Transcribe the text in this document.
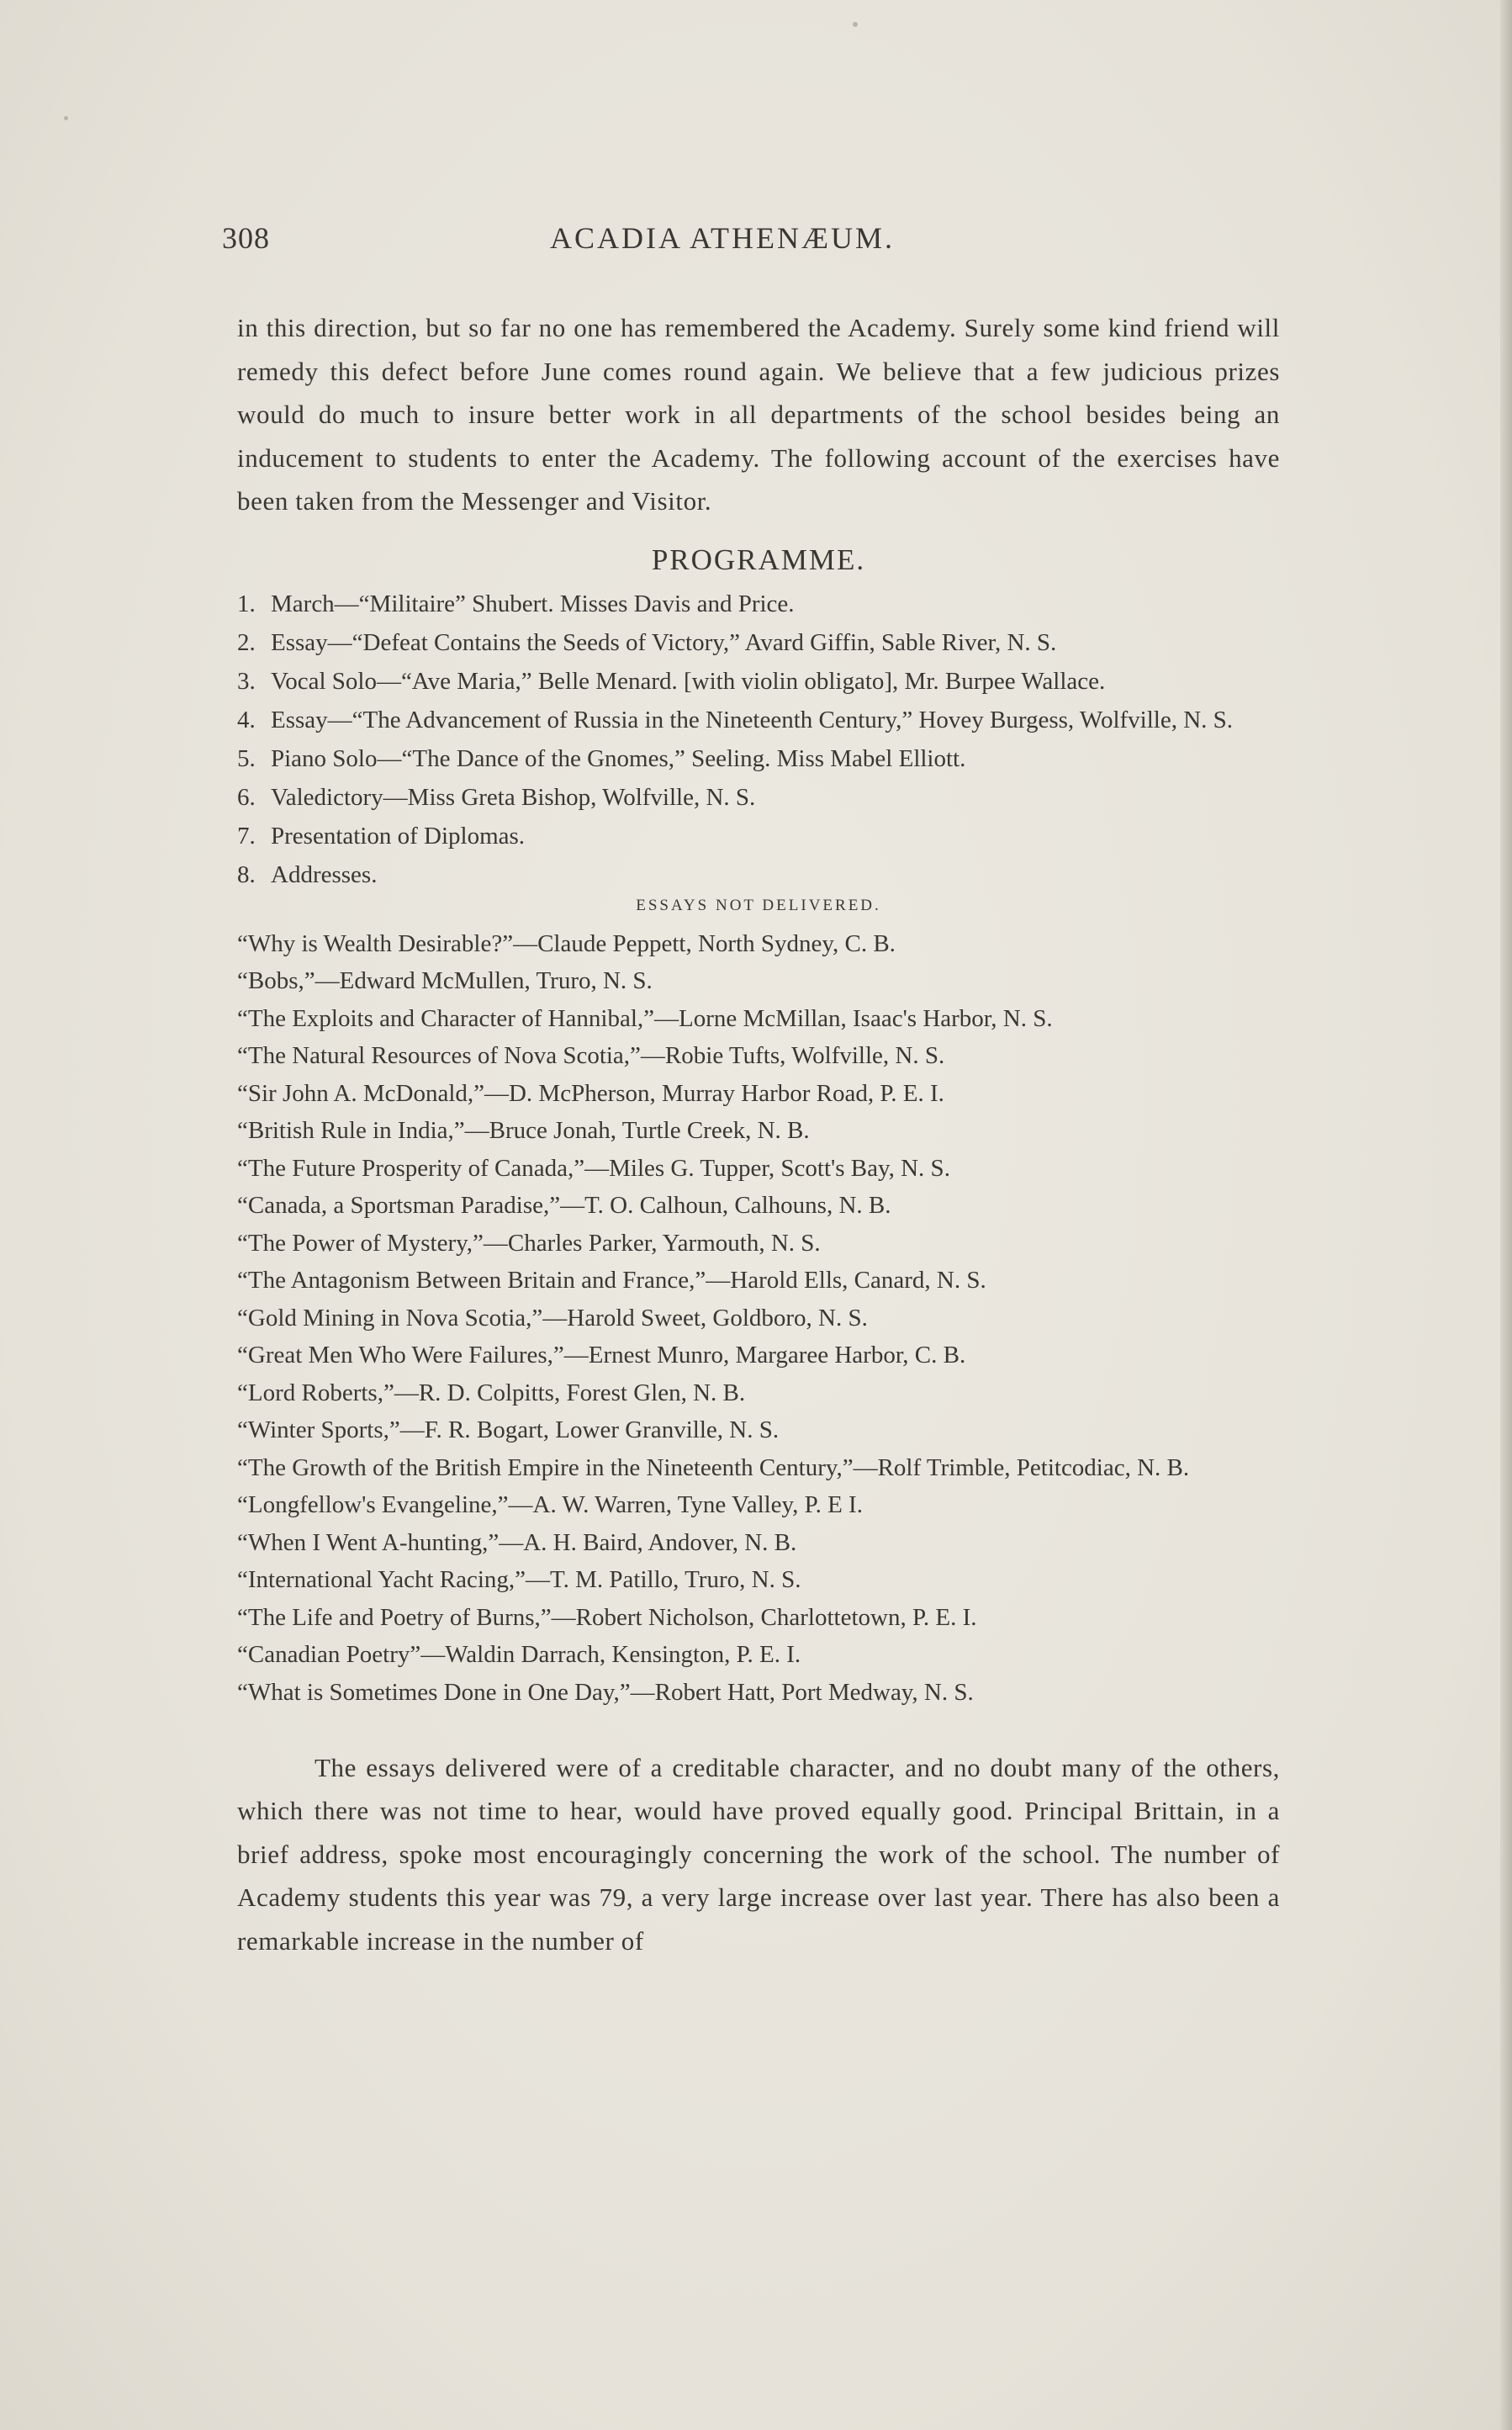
308	ACADIA ATHENÆUM.

in this direction, but so far no one has remembered the Academy. Surely some kind friend will remedy this defect before June comes round again. We believe that a few judicious prizes would do much to insure better work in all departments of the school besides being an inducement to students to enter the Academy. The following account of the exercises have been taken from the Messenger and Visitor.

PROGRAMME.
1. March—“Militaire” Shubert. Misses Davis and Price.
2. Essay—“Defeat Contains the Seeds of Victory,” Avard Giffin, Sable River, N. S.
3. Vocal Solo—“Ave Maria,” Belle Menard. [with violin obligato], Mr. Burpee Wallace.
4. Essay—“The Advancement of Russia in the Nineteenth Century,” Hovey Burgess, Wolfville, N. S.
5. Piano Solo—“The Dance of the Gnomes,” Seeling. Miss Mabel Elliott.
6. Valedictory—Miss Greta Bishop, Wolfville, N. S.
7. Presentation of Diplomas.
8. Addresses.
ESSAYS NOT DELIVERED.
“Why is Wealth Desirable?”—Claude Peppett, North Sydney, C. B.
“Bobs,”—Edward McMullen, Truro, N. S.
“The Exploits and Character of Hannibal,”—Lorne McMillan, Isaac's Harbor, N. S.
“The Natural Resources of Nova Scotia,”—Robie Tufts, Wolfville, N. S.
“Sir John A. McDonald,”—D. McPherson, Murray Harbor Road, P. E. I.
“British Rule in India,”—Bruce Jonah, Turtle Creek, N. B.
“The Future Prosperity of Canada,”—Miles G. Tupper, Scott's Bay, N. S.
“Canada, a Sportsman Paradise,”—T. O. Calhoun, Calhouns, N. B.
“The Power of Mystery,”—Charles Parker, Yarmouth, N. S.
“The Antagonism Between Britain and France,”—Harold Ells, Canard, N. S.
“Gold Mining in Nova Scotia,”—Harold Sweet, Goldboro, N. S.
“Great Men Who Were Failures,”—Ernest Munro, Margaree Harbor, C. B.
“Lord Roberts,”—R. D. Colpitts, Forest Glen, N. B.
“Winter Sports,”—F. R. Bogart, Lower Granville, N. S.
“The Growth of the British Empire in the Nineteenth Century,”—Rolf Trimble, Petitcodiac, N. B.
“Longfellow's Evangeline,”—A. W. Warren, Tyne Valley, P. E I.
“When I Went A-hunting,”—A. H. Baird, Andover, N. B.
“International Yacht Racing,”—T. M. Patillo, Truro, N. S.
“The Life and Poetry of Burns,”—Robert Nicholson, Charlottetown, P. E. I.
“Canadian Poetry”—Waldin Darrach, Kensington, P. E. I.
“What is Sometimes Done in One Day,”—Robert Hatt, Port Medway, N. S.

The essays delivered were of a creditable character, and no doubt many of the others, which there was not time to hear, would have proved equally good. Principal Brittain, in a brief address, spoke most encouragingly concerning the work of the school. The number of Academy students this year was 79, a very large increase over last year. There has also been a remarkable increase in the number of
